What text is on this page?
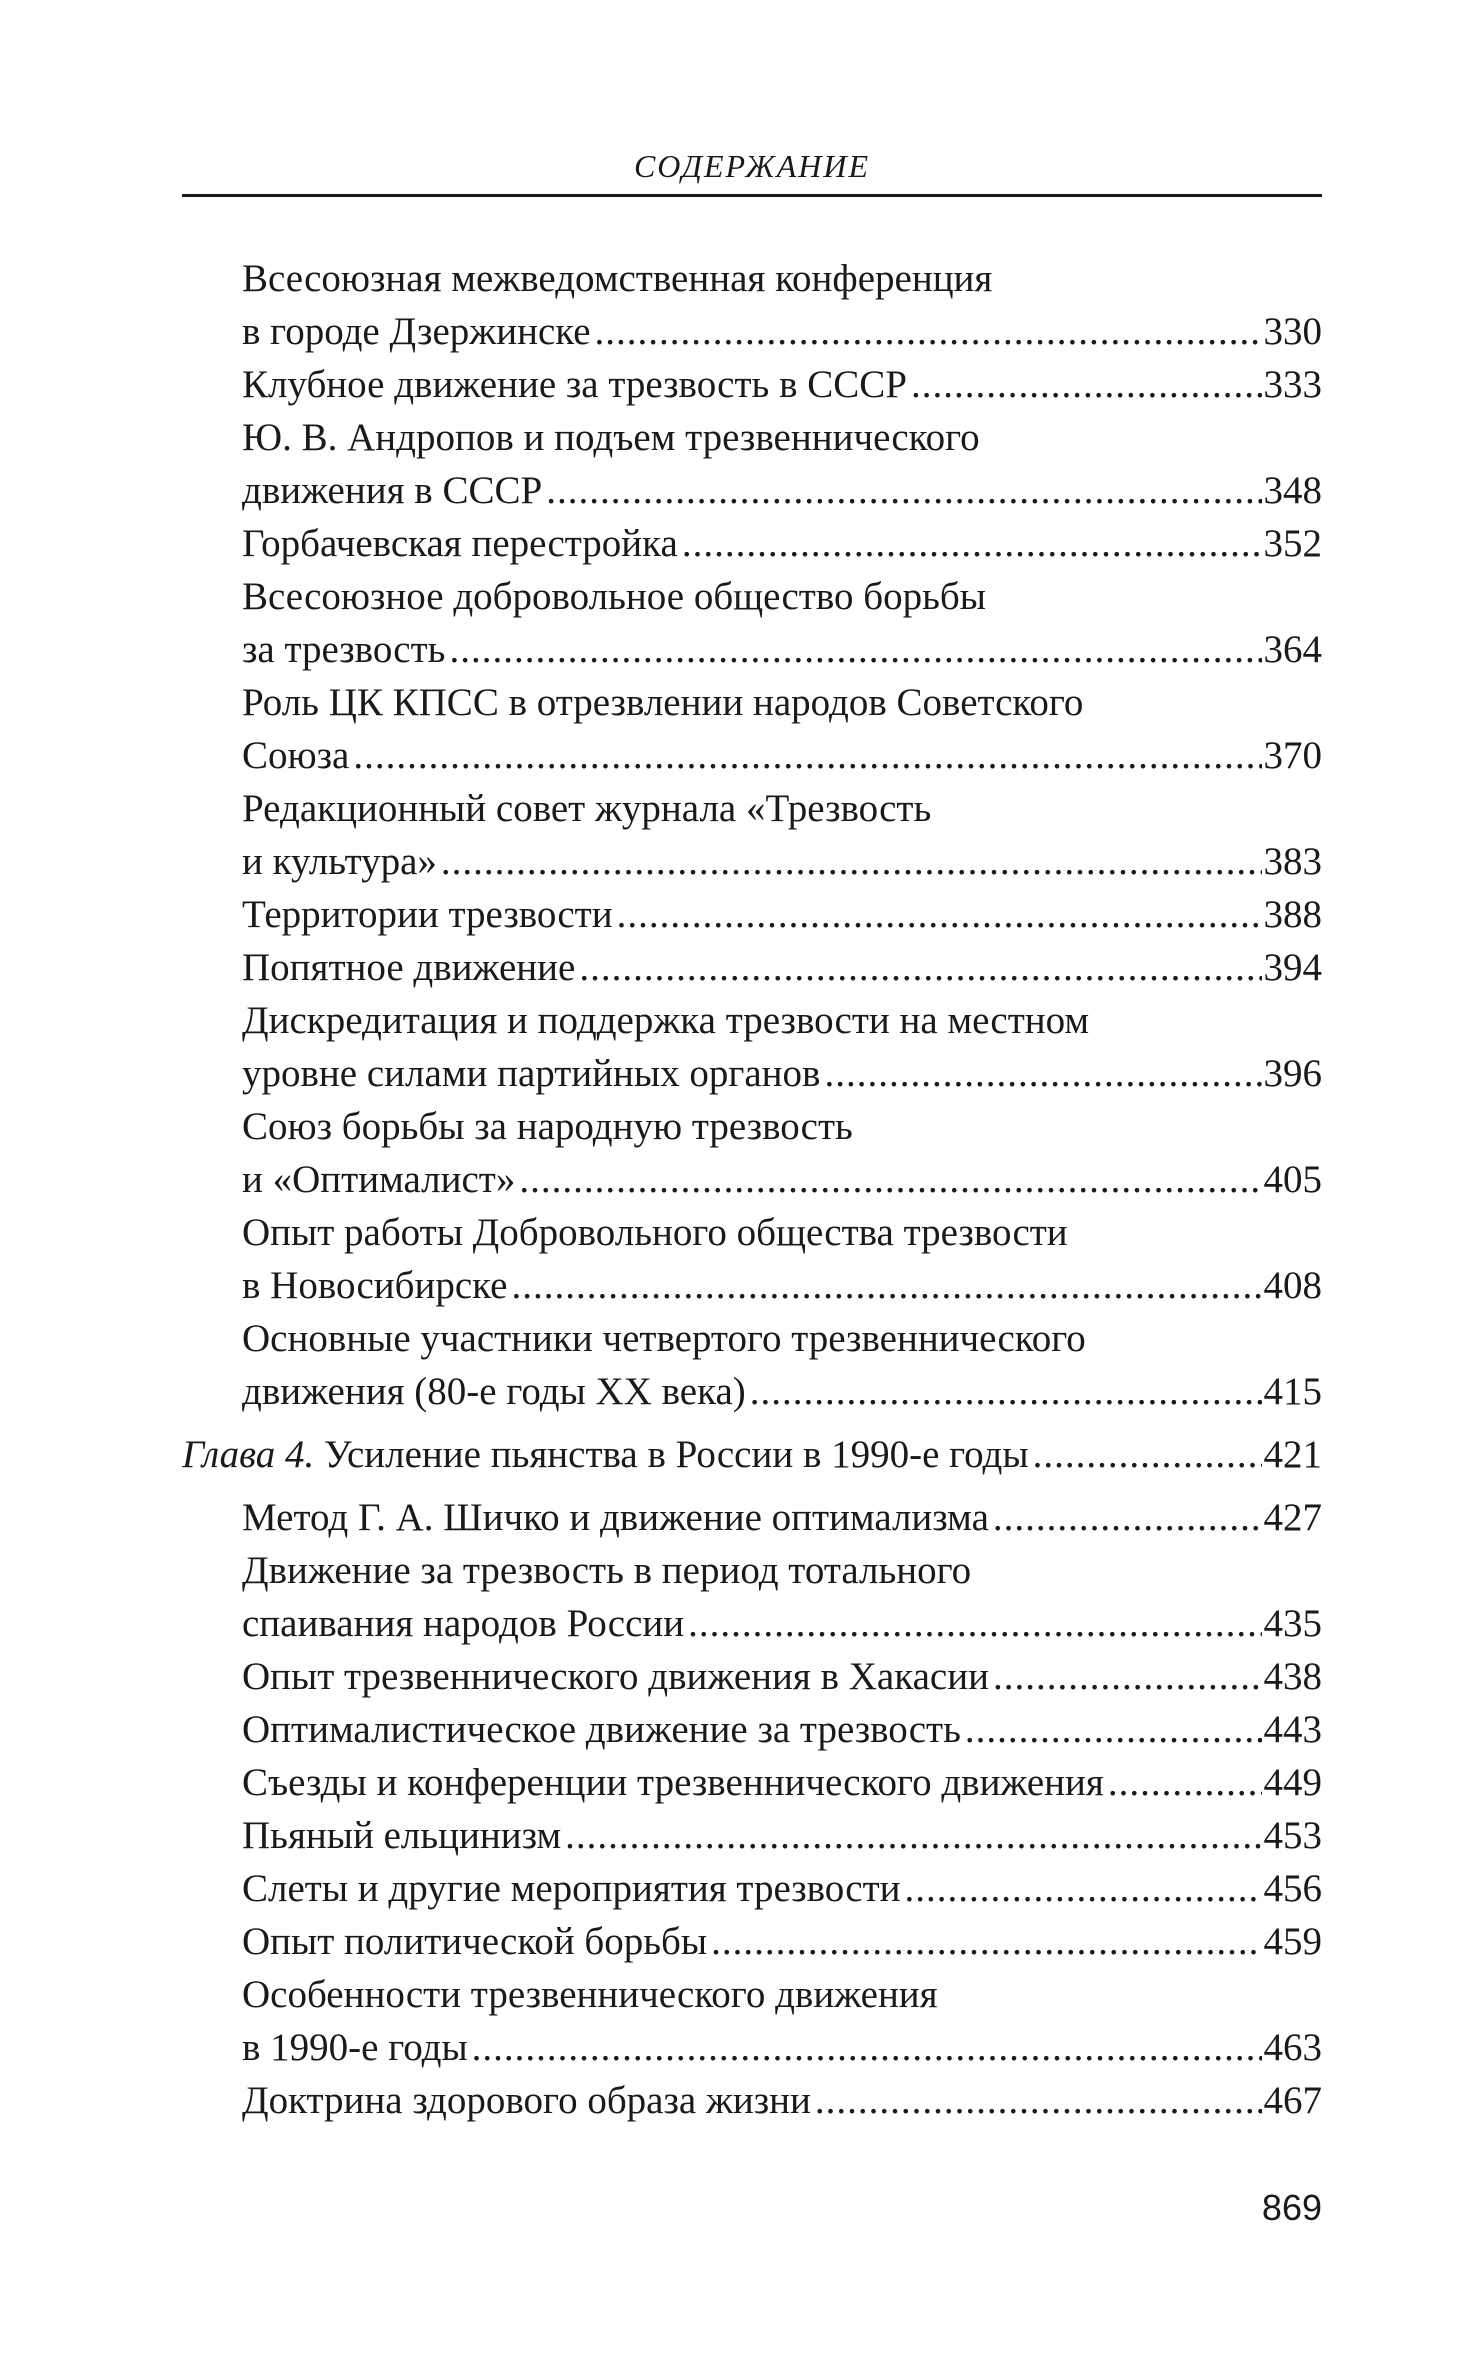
СОДЕРЖАНИЕ
Всесоюзная межведомственная конференция
в городе Дзержинске .....	330
Клубное движение за трезвость в СССР .....	333
Ю. В. Андропов и подъем трезвеннического
движения в СССР .....	348
Горбачевская перестройка .....	352
Всесоюзное добровольное общество борьбы
за трезвость .....	364
Роль ЦК КПСС в отрезвлении народов Советского
Союза .....	370
Редакционный совет журнала «Трезвость
и культура» .....	383
Территории трезвости .....	388
Попятное движение .....	394
Дискредитация и поддержка трезвости на местном
уровне силами партийных органов .....	396
Союз борьбы за народную трезвость
и «Оптималист» .....	405
Опыт работы Добровольного общества трезвости
в Новосибирске .....	408
Основные участники четвертого трезвеннического
движения (80-е годы XX века) .....	415
Глава 4. Усиление пьянства в России в 1990-е годы .....	421
Метод Г. А. Шичко и движение оптимализма .....	427
Движение за трезвость в период тотального
спаивания народов России .....	435
Опыт трезвеннического движения в Хакасии .....	438
Оптималистическое движение за трезвость .....	443
Съезды и конференции трезвеннического движения .....	449
Пьяный ельцинизм .....	453
Слеты и другие мероприятия трезвости .....	456
Опыт политической борьбы .....	459
Особенности трезвеннического движения
в 1990-е годы .....	463
Доктрина здорового образа жизни .....	467
869
